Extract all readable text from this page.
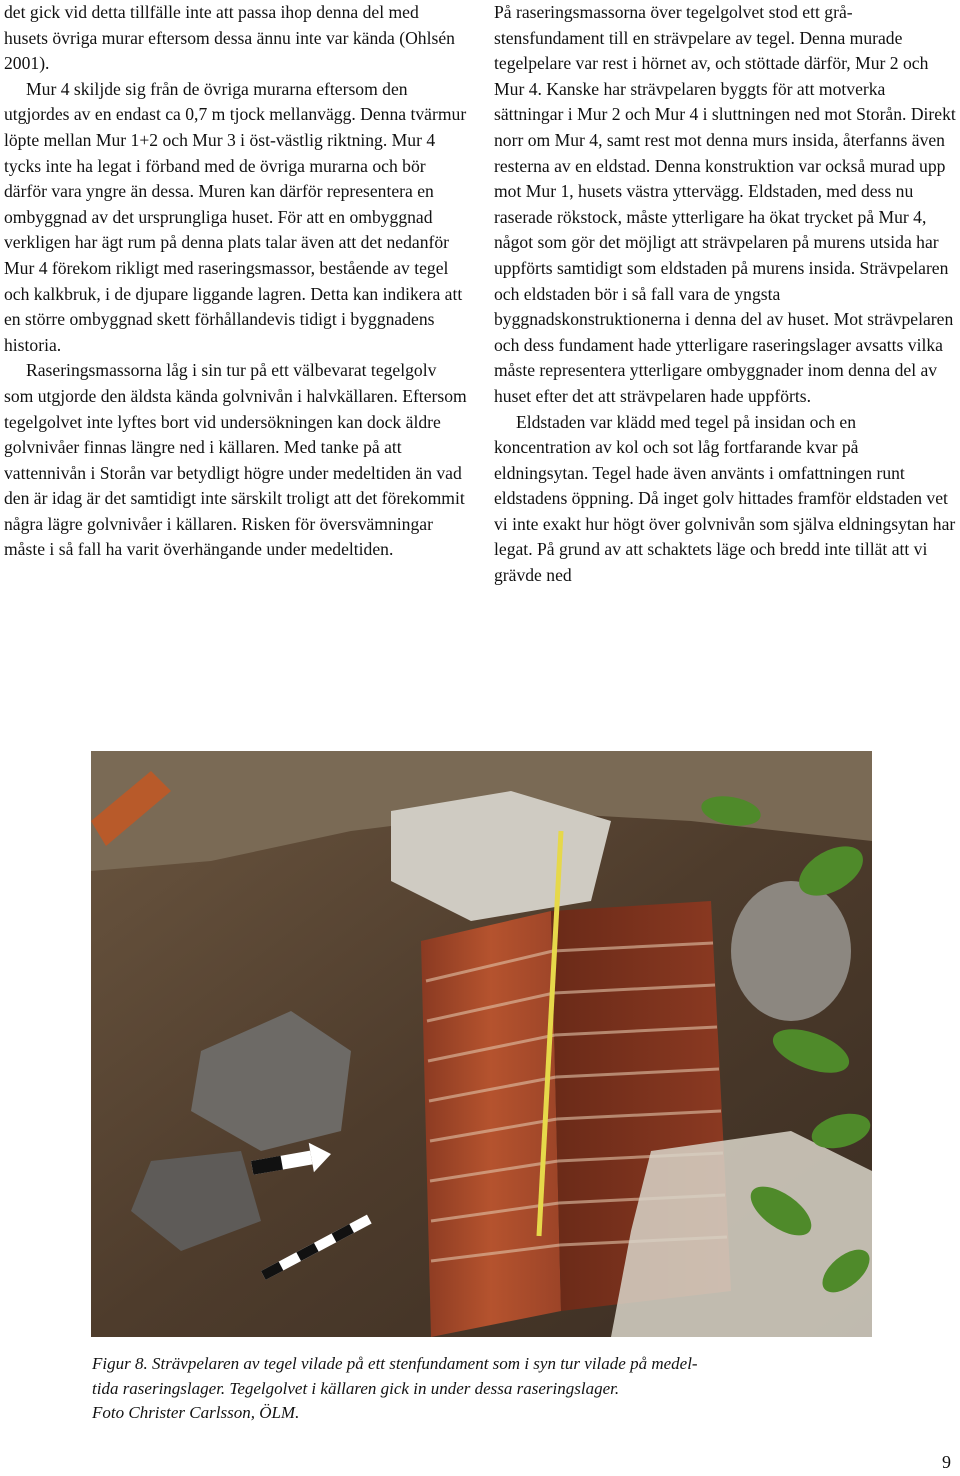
det gick vid detta tillfälle inte att passa ihop denna del med husets övriga murar eftersom dessa ännu inte var kända (Ohlsén 2001).

Mur 4 skiljde sig från de övriga murarna eftersom den utgjordes av en endast ca 0,7 m tjock mellanvägg. Denna tvärmur löpte mellan Mur 1+2 och Mur 3 i öst-västlig riktning. Mur 4 tycks inte ha legat i förband med de övriga murarna och bör därför vara yngre än dessa. Muren kan därför representera en ombyggnad av det ursprungliga huset. För att en ombyggnad verkligen har ägt rum på denna plats talar även att det nedanför Mur 4 förekom rikligt med raseringsmassor, bestående av tegel och kalkbruk, i de djupare liggande lagren. Detta kan indikera att en större ombyggnad skett förhållandevis tidigt i byggnadens historia.

Raseringsmassorna låg i sin tur på ett välbevarat tegelgolv som utgjorde den äldsta kända golvnivån i halvkällaren. Eftersom tegelgolvet inte lyftes bort vid undersökningen kan dock äldre golvnivåer finnas längre ned i källaren. Med tanke på att vattennivån i Storån var betydligt högre under medeltiden än vad den är idag är det samtidigt inte särskilt troligt att det förekommit några lägre golvnivåer i källaren. Risken för översvämningar måste i så fall ha varit överhängande under medeltiden.

På raseringsmassorna över tegelgolvet stod ett gråstensfundament till en strävpelare av tegel. Denna murade tegelpelare var rest i hörnet av, och stöttade därför, Mur 2 och Mur 4. Kanske har strävpelaren byggts för att motverka sättningar i Mur 2 och Mur 4 i sluttningen ned mot Storån. Direkt norr om Mur 4, samt rest mot denna murs insida, återfanns även resterna av en eldstad. Denna konstruktion var också murad upp mot Mur 1, husets västra yttervägg. Eldstaden, med dess nu raserade rökstock, måste ytterligare ha ökat trycket på Mur 4, något som gör det möjligt att strävpelaren på murens utsida har uppförts samtidigt som eldstaden på murens insida. Strävpelaren och eldstaden bör i så fall vara de yngsta byggnadskonstruktionerna i denna del av huset. Mot strävpelaren och dess fundament hade ytterligare raseringslager avsatts vilka måste representera ytterligare ombyggnader inom denna del av huset efter det att strävpelaren hade uppförts.

Eldstaden var klädd med tegel på insidan och en koncentration av kol och sot låg fortfarande kvar på eldningsytan. Tegel hade även använts i omfattningen runt eldstadens öppning. Då inget golv hittades framför eldstaden vet vi inte exakt hur högt över golvnivån som själva eldningsytan har legat. På grund av att schaktets läge och bredd inte tillät att vi grävde ned

Figur 8. Strävpelaren av tegel vilade på ett stenfundament som i syn tur vilade på medel-
tida raseringslager. Tegelgolvet i källaren gick in under dessa raseringslager.
Foto Christer Carlsson, ÖLM.
9
